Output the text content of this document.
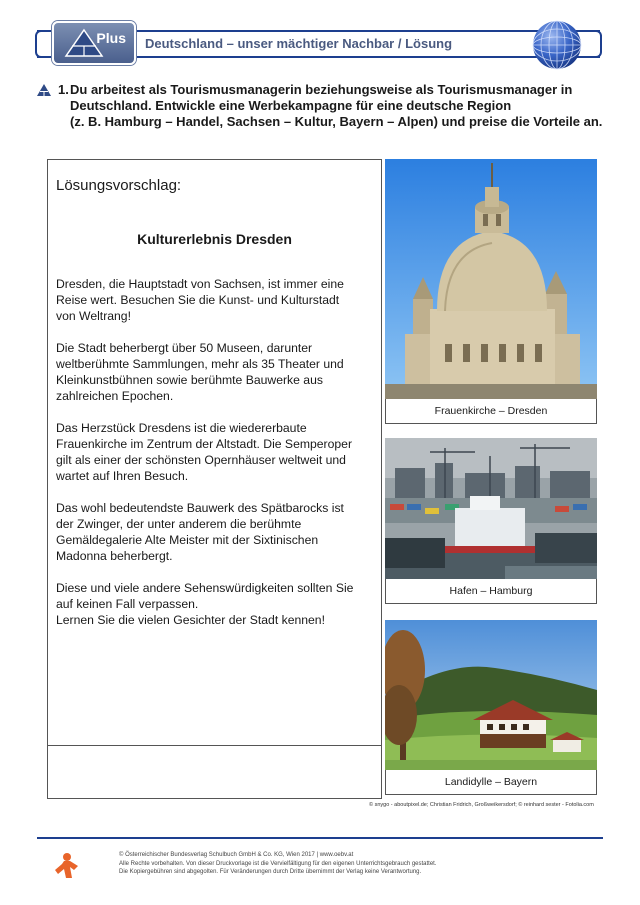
Deutschland – unser mächtiger Nachbar / Lösung
Plus
1. Du arbeitest als Tourismusmanagerin beziehungsweise als Tourismusmanager in
Deutschland. Entwickle eine Werbekampagne für eine deutsche Region
(z. B. Hamburg – Handel, Sachsen – Kultur, Bayern – Alpen) und preise die Vorteile an.
Lösungsvorschlag:
Kulturerlebnis Dresden

Dresden, die Hauptstadt von Sachsen, ist immer eine
Reise wert. Besuchen Sie die Kunst- und Kulturstadt
von Weltrang!

Die Stadt beherbergt über 50 Museen, darunter
weltberühmte Sammlungen, mehr als 35 Theater und
Kleinkunstbühnen sowie berühmte Bauwerke aus
zahlreichen Epochen.

Das Herzstück Dresdens ist die wiedererbaute
Frauenkirche im Zentrum der Altstadt. Die Semperoper
gilt als einer der schönsten Opernhäuser weltweit und
wartet auf Ihren Besuch.

Das wohl bedeutendste Bauwerk des Spätbarocks ist
der Zwinger, der unter anderem die berühmte
Gemäldegalerie Alte Meister mit der Sixtinischen
Madonna beherbergt.

Diese und viele andere Sehenswürdigkeiten sollten Sie
auf keinen Fall verpassen.
Lernen Sie die vielen Gesichter der Stadt kennen!

Frauenkirche – Dresden
Hafen – Hamburg
Landidylle – Bayern
© snygo - aboutpixel.de; Christian Fridrich, Großweikersdorf; © reinhard sester - Fotolia.com
© Österreichischer Bundesverlag Schulbuch GmbH & Co. KG, Wien 2017 | www.oebv.at
Alle Rechte vorbehalten. Von dieser Druckvorlage ist die Vervielfältigung für den eigenen Unterrichtsgebrauch gestattet.
Die Kopiergebühren sind abgegolten. Für Veränderungen durch Dritte übernimmt der Verlag keine Verantwortung.
